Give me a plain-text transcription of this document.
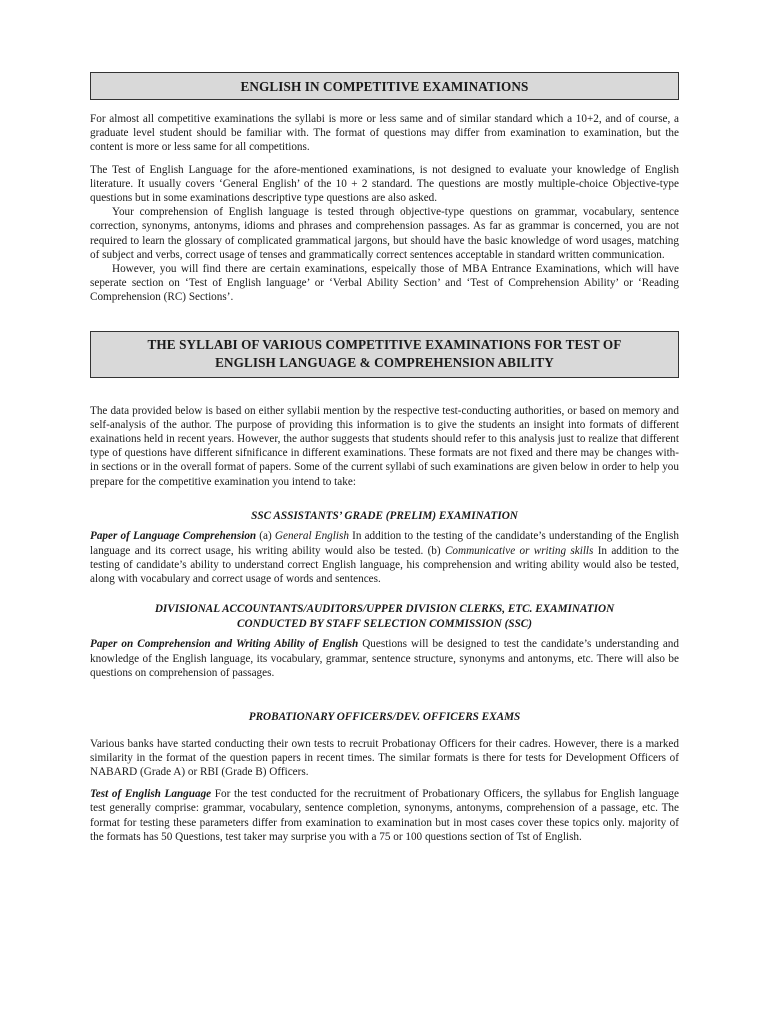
ENGLISH IN COMPETITIVE EXAMINATIONS

For almost all competitive examinations the syllabi is more or less same and of similar standard which a 10+2, and of course, a graduate level student should be familiar with. The format of questions may differ from examination to examination, but the content is more or less same for all competitions.

The Test of English Language for the afore-mentioned examinations, is not designed to evaluate your knowledge of English literature. It usually covers ‘General English’ of the 10 + 2 standard. The questions are mostly multiple-choice Objective-type questions but in some examinations descriptive type questions are also asked.

Your comprehension of English language is tested through objective-type questions on grammar, vocabulary, sentence correction, synonyms, antonyms, idioms and phrases and comprehension passages. As far as grammar is concerned, you are not required to learn the glossary of complicated grammatical jargons, but should have the basic knowledge of word usages, matching of subject and verbs, correct usage of tenses and grammatically correct sentences acceptable in standard written communication.

However, you will find there are certain examinations, espeically those of MBA Entrance Examinations, which will have seperate section on ‘Test of English language’ or ‘Verbal Ability Section’ and ‘Test of Comprehension Ability’ or ‘Reading Comprehension (RC) Sections’.

THE SYLLABI OF VARIOUS COMPETITIVE EXAMINATIONS FOR TEST OF
ENGLISH LANGUAGE & COMPREHENSION ABILITY

The data provided below is based on either syllabii mention by the respective test-conducting authorities, or based on memory and self-analysis of the author. The purpose of providing this information is to give the students an insight into formats of different exainations held in recent years. However, the author suggests that students should refer to this analysis just to realize that different type of questions have different sifnificance in different examinations. These formats are not fixed and there may be changes with-in sections or in the overall format of papers. Some of the current syllabi of such examinations are given below in order to help you prepare for the competitive examination you intend to take:

SSC ASSISTANTS’ GRADE (PRELIM) EXAMINATION

Paper of Language Comprehension (a) General English In addition to the testing of the candidate’s understanding of the English language and its correct usage, his writing ability would also be tested. (b) Communicative or writing skills In addition to the testing of candidate’s ability to understand correct English language, his comprehension and writing ability would also be tested, along with vocabulary and correct usage of words and sentences.

DIVISIONAL ACCOUNTANTS/AUDITORS/UPPER DIVISION CLERKS, ETC. EXAMINATION
CONDUCTED BY STAFF SELECTION COMMISSION (SSC)

Paper on Comprehension and Writing Ability of English Questions will be designed to test the candidate’s understanding and knowledge of the English language, its vocabulary, grammar, sentence structure, synonyms and antonyms, etc. There will also be questions on comprehension of passages.

PROBATIONARY OFFICERS/DEV. OFFICERS EXAMS

Various banks have started conducting their own tests to recruit Probationay Officers for their cadres. However, there is a marked similarity in the format of the question papers in recent times. The similar formats is there for tests for Development Officers of NABARD (Grade A) or RBI (Grade B) Officers.

Test of English Language For the test conducted for the recruitment of Probationary Officers, the syllabus for English language test generally comprise: grammar, vocabulary, sentence completion, synonyms, antonyms, comprehension of a passage, etc. The format for testing these parameters differ from examination to examination but in most cases cover these topics only. majority of the formats has 50 Questions, test taker may surprise you with a 75 or 100 questions section of Tst of English.
